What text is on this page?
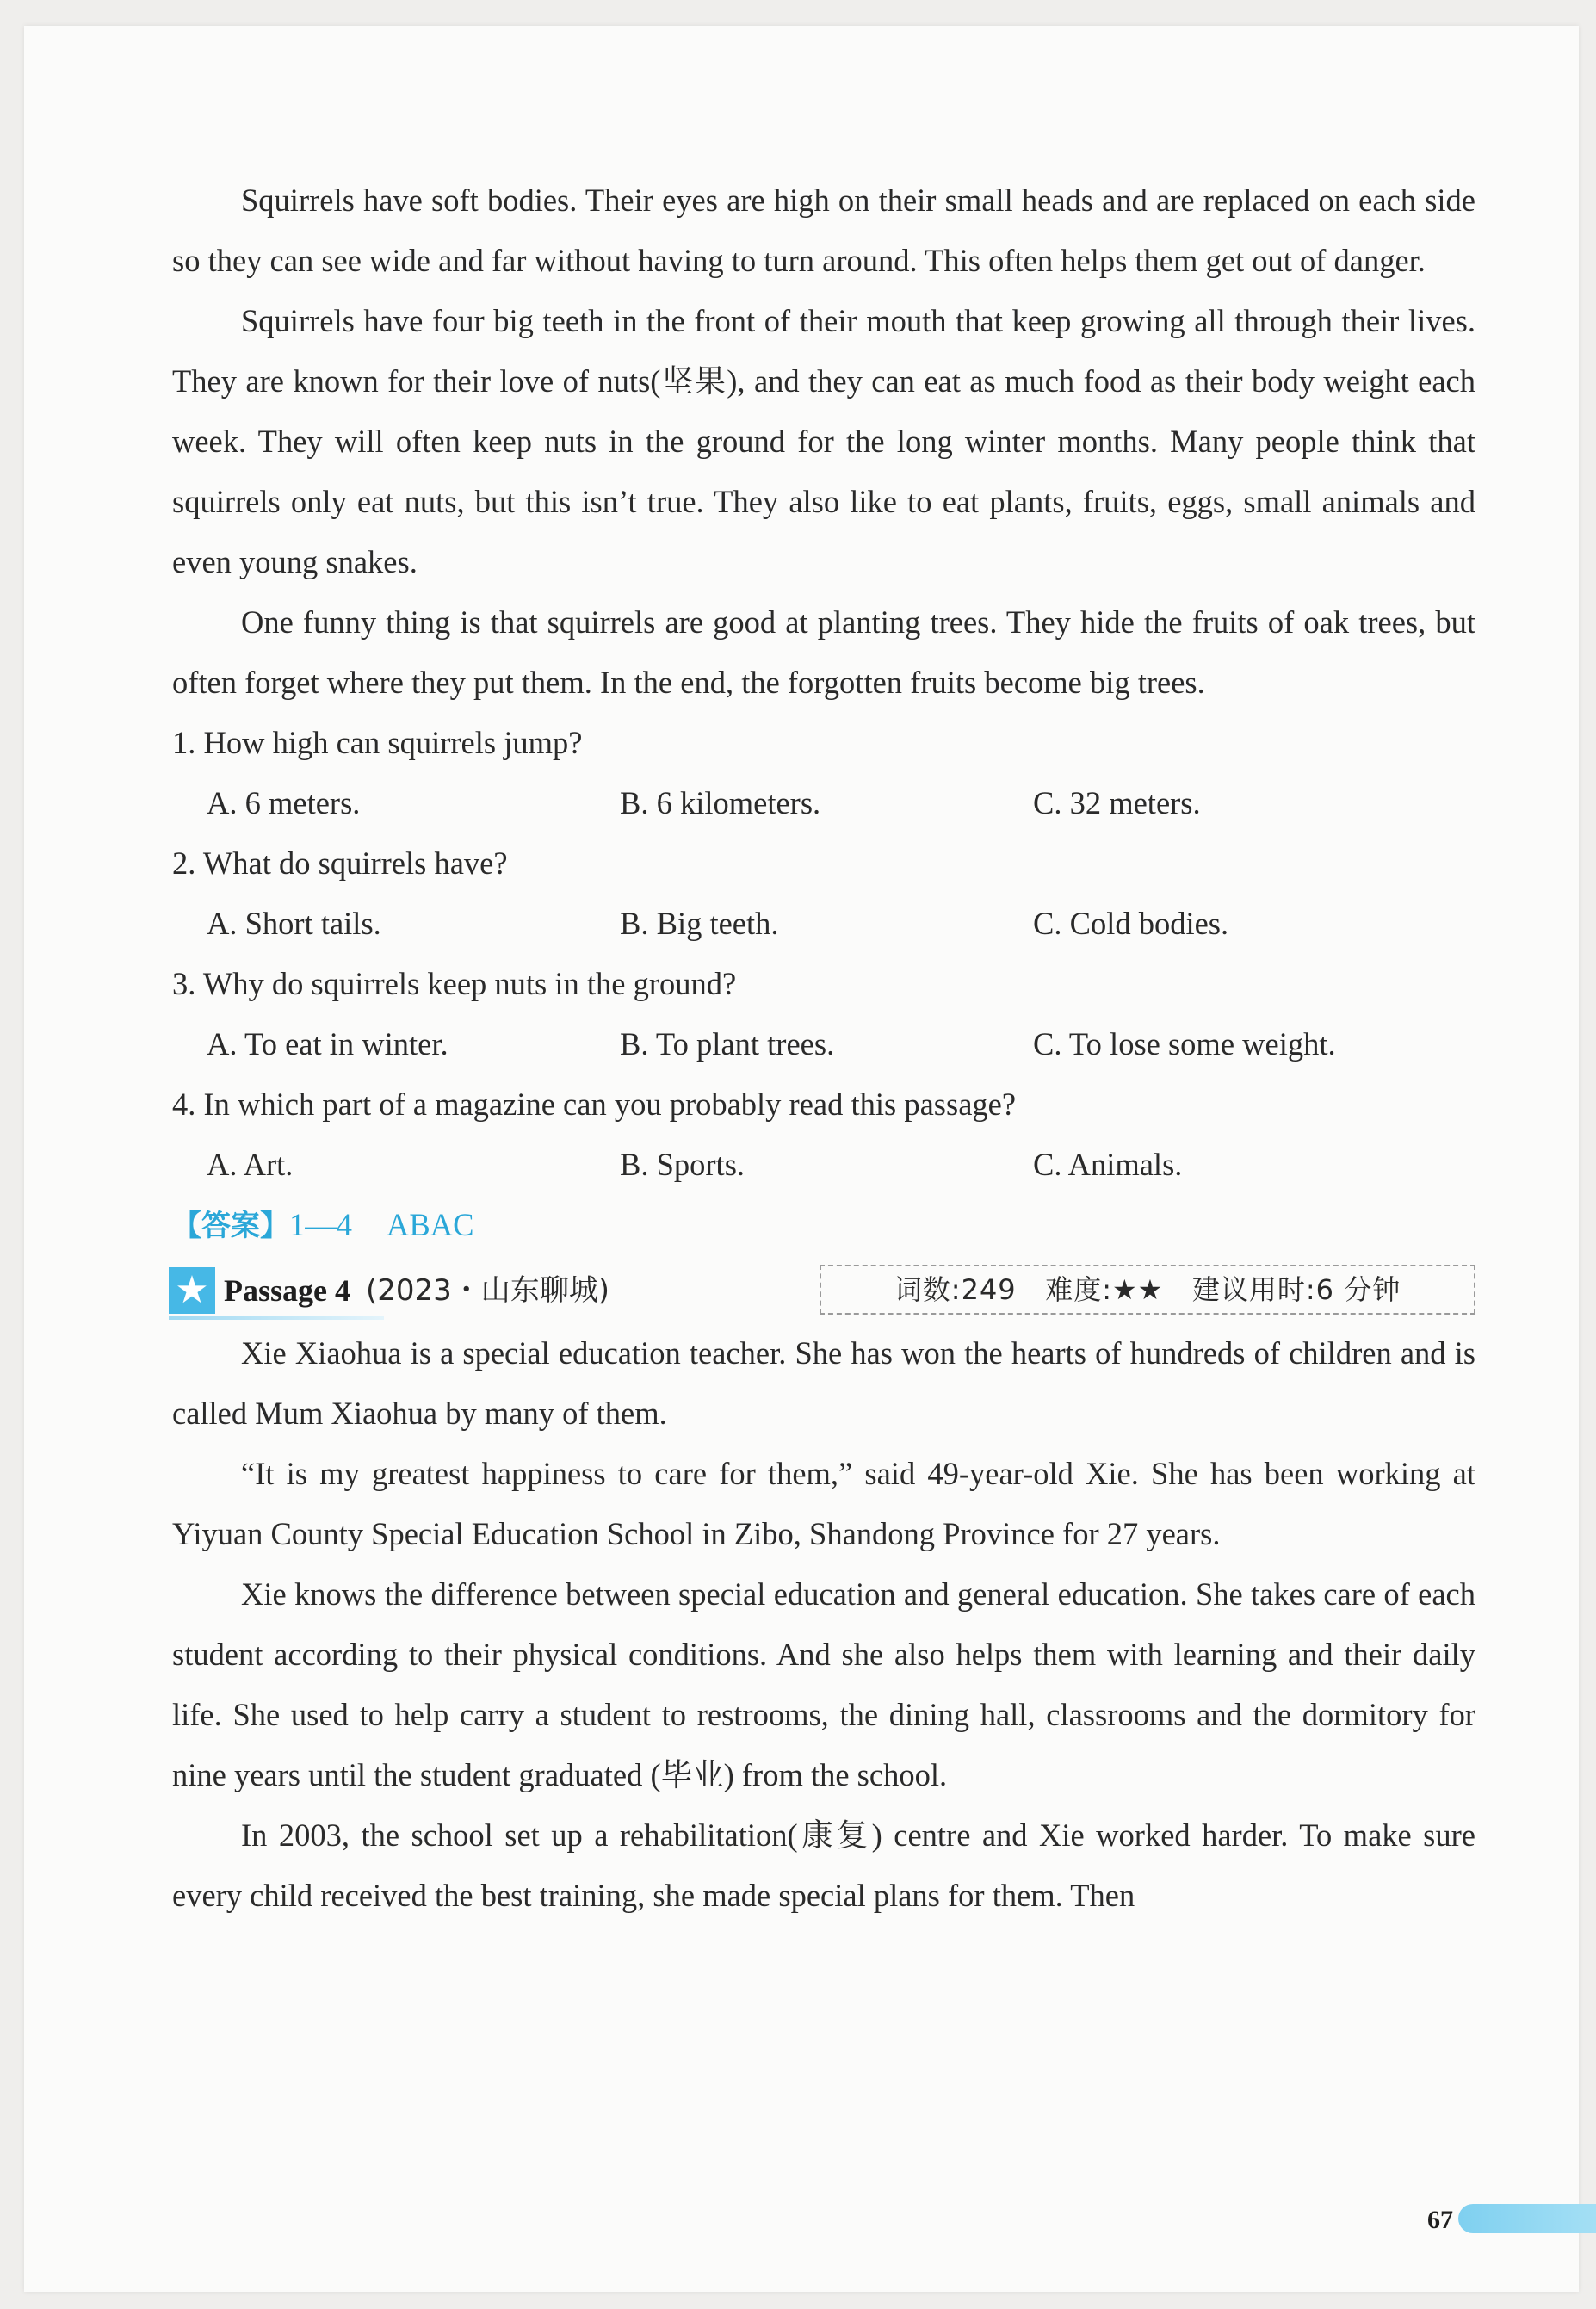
Squirrels have soft bodies. Their eyes are high on their small heads and are replaced on each side so they can see wide and far without having to turn around. This often helps them get out of danger.

Squirrels have four big teeth in the front of their mouth that keep growing all through their lives. They are known for their love of nuts(坚果), and they can eat as much food as their body weight each week. They will often keep nuts in the ground for the long winter months. Many people think that squirrels only eat nuts, but this isn’t true. They also like to eat plants, fruits, eggs, small animals and even young snakes.

One funny thing is that squirrels are good at planting trees. They hide the fruits of oak trees, but often forget where they put them. In the end, the forgotten fruits become big trees.

1. How high can squirrels jump?

A. 6 meters.	B. 6 kilometers.	C. 32 meters.

2. What do squirrels have?

A. Short tails.	B. Big teeth.	C. Cold bodies.

3. Why do squirrels keep nuts in the ground?

A. To eat in winter.	B. To plant trees.	C. To lose some weight.

4. In which part of a magazine can you probably read this passage?

A. Art.	B. Sports.	C. Animals.

【答案】1—4 ABAC

★ Passage 4 (2023・山东聊城)	词数:249
难度: ★★
建议用时:6 分钟

Xie Xiaohua is a special education teacher. She has won the hearts of hundreds of children and is called Mum Xiaohua by many of them.

“It is my greatest happiness to care for them,” said 49-year-old Xie. She has been working at Yiyuan County Special Education School in Zibo, Shandong Province for 27 years.

Xie knows the difference between special education and general education. She takes care of each student according to their physical conditions. And she also helps them with learning and their daily life. She used to help carry a student to restrooms, the dining hall, classrooms and the dormitory for nine years until the student graduated (毕业) from the school.

In 2003, the school set up a rehabilitation(康复) centre and Xie worked harder. To make sure every child received the best training, she made special plans for them. Then

67
